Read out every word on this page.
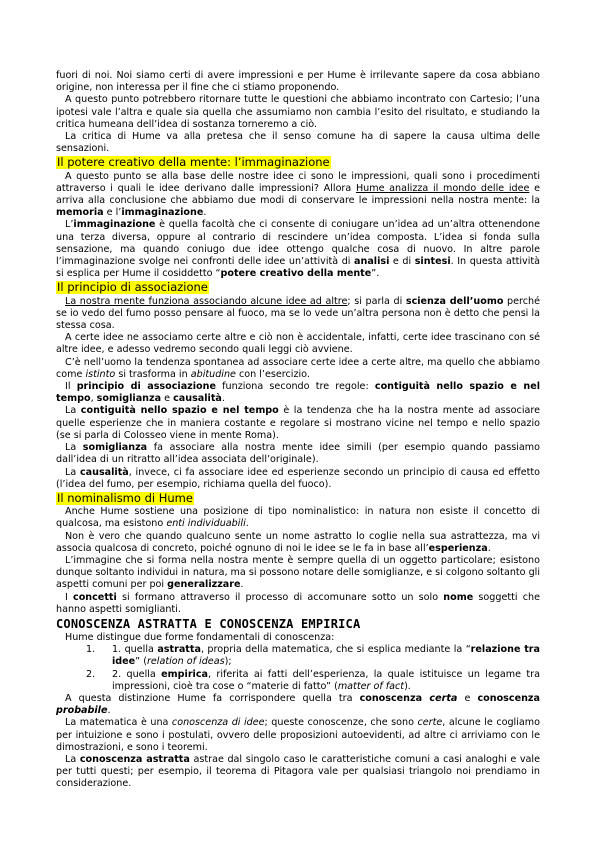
fuori di noi. Noi siamo certi di avere impressioni e per Hume è irrilevante sapere da cosa abbiano origine, non interessa per il fine che ci stiamo proponendo.

A questo punto potrebbero ritornare tutte le questioni che abbiamo incontrato con Cartesio; l’una ipotesi vale l’altra e quale sia quella che assumiamo non cambia l’esito del risultato, e studiando la critica humeana dell’idea di sostanza torneremo a ciò.

La critica di Hume va alla pretesa che il senso comune ha di sapere la causa ultima delle sensazioni.

Il potere creativo della mente: l’immaginazione

A questo punto se alla base delle nostre idee ci sono le impressioni, quali sono i procedimenti attraverso i quali le idee derivano dalle impressioni? Allora Hume analizza il mondo delle idee e arriva alla conclusione che abbiamo due modi di conservare le impressioni nella nostra mente: la memoria e l’immaginazione.

L’immaginazione è quella facoltà che ci consente di coniugare un’idea ad un’altra ottenendone una terza diversa, oppure al contrario di rescindere un’idea composta. L’idea si fonda sulla sensazione, ma quando coniugo due idee ottengo qualche cosa di nuovo. In altre parole l’immaginazione svolge nei confronti delle idee un’attività di analisi e di sintesi. In questa attività si esplica per Hume il cosiddetto “potere creativo della mente”.

Il principio di associazione

La nostra mente funziona associando alcune idee ad altre; si parla di scienza dell’uomo perché se io vedo del fumo posso pensare al fuoco, ma se lo vede un’altra persona non è detto che pensi la stessa cosa.

A certe idee ne associamo certe altre e ciò non è accidentale, infatti, certe idee trascinano con sé altre idee, e adesso vedremo secondo quali leggi ciò avviene.

C’è nell’uomo la tendenza spontanea ad associare certe idee a certe altre, ma quello che abbiamo come istinto si trasforma in abitudine con l’esercizio.

Il principio di associazione funziona secondo tre regole: contiguità nello spazio e nel tempo, somiglianza e causalità.

La contiguità nello spazio e nel tempo è la tendenza che ha la nostra mente ad associare quelle esperienze che in maniera costante e regolare si mostrano vicine nel tempo e nello spazio (se si parla di Colosseo viene in mente Roma).

La somiglianza fa associare alla nostra mente idee simili (per esempio quando passiamo dall’idea di un ritratto all’idea associata dell’originale).

La causalità, invece, ci fa associare idee ed esperienze secondo un principio di causa ed effetto (l’idea del fumo, per esempio, richiama quella del fuoco).

Il nominalismo di Hume

Anche Hume sostiene una posizione di tipo nominalistico: in natura non esiste il concetto di qualcosa, ma esistono enti individuabili.

Non è vero che quando qualcuno sente un nome astratto lo coglie nella sua astrattezza, ma vi associa qualcosa di concreto, poiché ognuno di noi le idee se le fa in base all’esperienza.

L’immagine che si forma nella nostra mente è sempre quella di un oggetto particolare; esistono dunque soltanto individui in natura, ma si possono notare delle somiglianze, e si colgono soltanto gli aspetti comuni per poi generalizzare.

I concetti si formano attraverso il processo di accomunare sotto un solo nome soggetti che hanno aspetti somiglianti.

CONOSCENZA ASTRATTA E CONOSCENZA EMPIRICA

Hume distingue due forme fondamentali di conoscenza:

1.	1. quella astratta, propria della matematica, che si esplica mediante la “relazione tra idee” (relation of ideas);
2.	2. quella empirica, riferita ai fatti dell’esperienza, la quale istituisce un legame tra impressioni, cioè tra cose o “materie di fatto” (matter of fact).

A questa distinzione Hume fa corrispondere quella tra conoscenza certa e conoscenza probabile.

La matematica è una conoscenza di idee; queste conoscenze, che sono certe, alcune le cogliamo per intuizione e sono i postulati, ovvero delle proposizioni autoevidenti, ad altre ci arriviamo con le dimostrazioni, e sono i teoremi.

La conoscenza astratta astrae dal singolo caso le caratteristiche comuni a casi analoghi e vale per tutti questi; per esempio, il teorema di Pitagora vale per qualsiasi triangolo noi prendiamo in considerazione.
